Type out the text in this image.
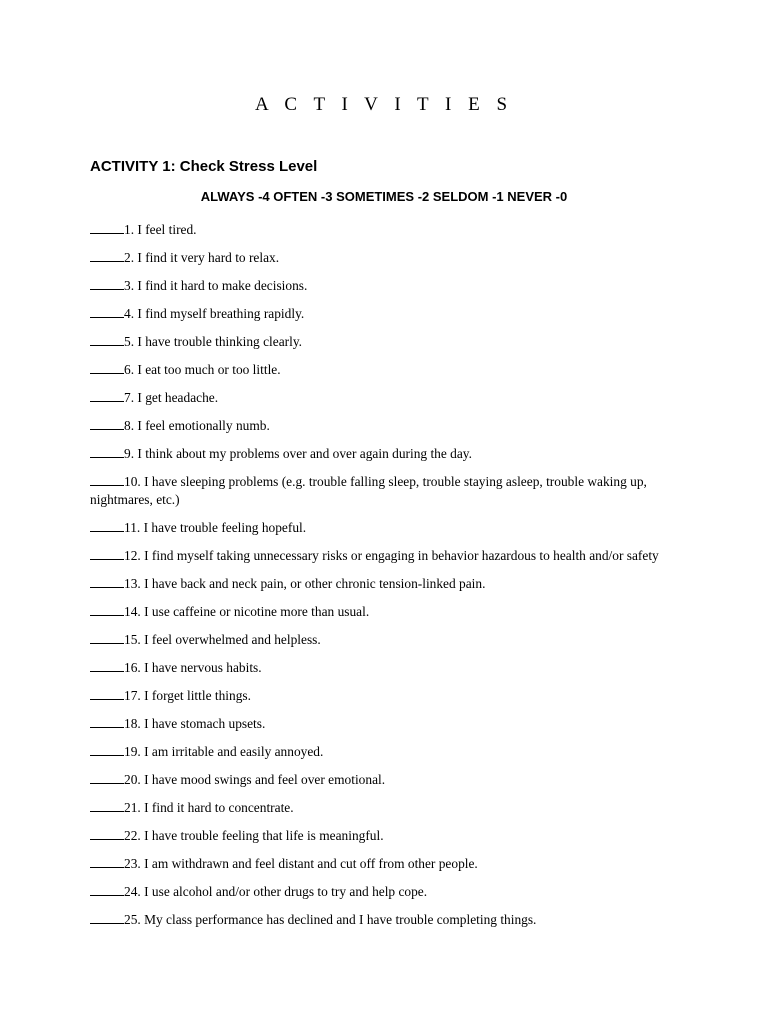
A C T I V I T I E S
ACTIVITY 1: Check Stress Level

ALWAYS -4 OFTEN -3 SOMETIMES -2 SELDOM -1 NEVER -0

1. I feel tired.
2. I find it very hard to relax.
3. I find it hard to make decisions.
4. I find myself breathing rapidly.
5. I have trouble thinking clearly.
6. I eat too much or too little.
7. I get headache.
8. I feel emotionally numb.
9. I think about my problems over and over again during the day.
10. I have sleeping problems (e.g. trouble falling sleep, trouble staying asleep, trouble waking up, nightmares, etc.)
11. I have trouble feeling hopeful.
12. I find myself taking unnecessary risks or engaging in behavior hazardous to health and/or safety
13. I have back and neck pain, or other chronic tension-linked pain.
14. I use caffeine or nicotine more than usual.
15. I feel overwhelmed and helpless.
16. I have nervous habits.
17. I forget little things.
18. I have stomach upsets.
19. I am irritable and easily annoyed.
20. I have mood swings and feel over emotional.
21. I find it hard to concentrate.
22. I have trouble feeling that life is meaningful.
23. I am withdrawn and feel distant and cut off from other people.
24. I use alcohol and/or other drugs to try and help cope.
25. My class performance has declined and I have trouble completing things.
